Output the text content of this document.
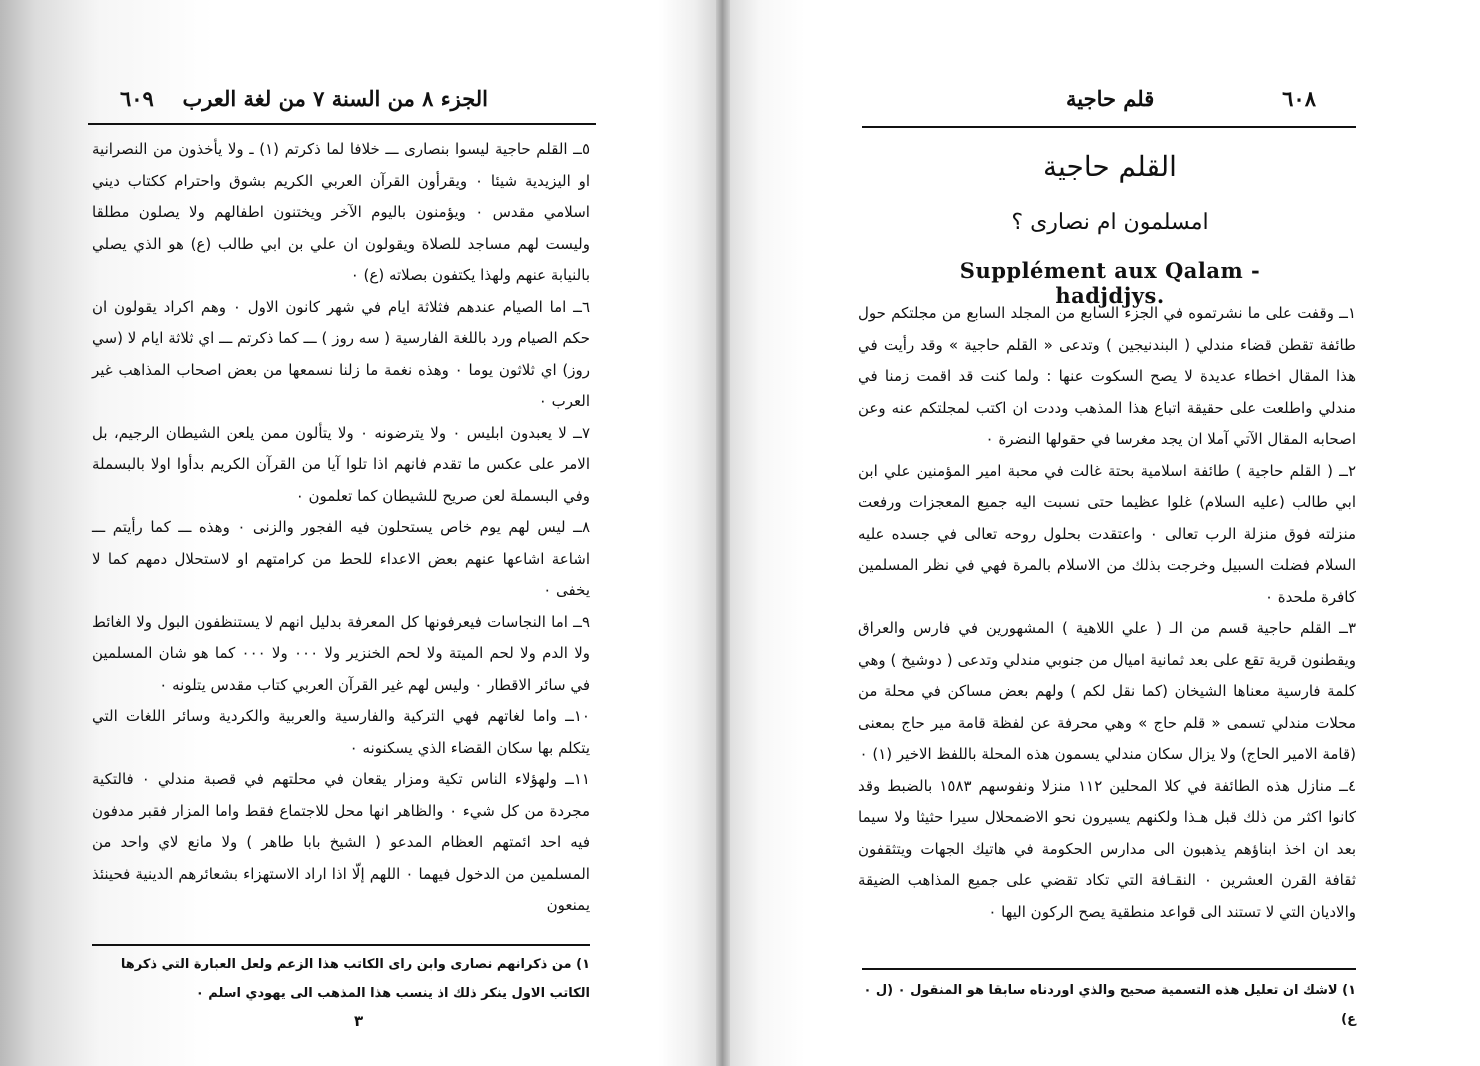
الجزء ٨ من السنة ٧ من لغة العرب
٦٠٩

٥ــ القلم حاجية ليسوا بنصارى ـــ خلافا لما ذكرتم (١) ـ ولا يأخذون من النصرانية او اليزيدية شيئا ٠ ويقرأون القرآن العربي الكريم بشوق واحترام ككتاب ديني اسلامي مقدس ٠ ويؤمنون باليوم الآخر ويختنون اطفالهم ولا يصلون مطلقا وليست لهم مساجد للصلاة ويقولون ان علي بن ابي طالب (ع) هو الذي يصلي بالنيابة عنهم ولهذا يكتفون بصلاته (ع) ٠

٦ــ اما الصيام عندهم فثلاثة ايام في شهر كانون الاول ٠ وهم اكراد يقولون ان حكم الصيام ورد باللغة الفارسية ( سه روز ) ـــ كما ذكرتم ـــ اي ثلاثة ايام لا (سي روز) اي ثلاثون يوما ٠ وهذه نغمة ما زلنا نسمعها من بعض اصحاب المذاهب غير العرب ٠

٧ــ لا يعبدون ابليس ٠ ولا يترضونه ٠ ولا يتألون ممن يلعن الشيطان الرجيم، بل الامر على عكس ما تقدم فانهم اذا تلوا آيا من القرآن الكريم بدأوا اولا بالبسملة وفي البسملة لعن صريح للشيطان كما تعلمون ٠

٨ــ ليس لهم يوم خاص يستحلون فيه الفجور والزنى ٠ وهذه ـــ كما رأيتم ـــ اشاعة اشاعها عنهم بعض الاعداء للحط من كرامتهم او لاستحلال دمهم كما لا يخفى ٠

٩ــ اما النجاسات فيعرفونها كل المعرفة بدليل انهم لا يستنظفون البول ولا الغائط ولا الدم ولا لحم الميتة ولا لحم الخنزير ولا ٠٠٠ ولا ٠٠٠ كما هو شان المسلمين في سائر الاقطار ٠ وليس لهم غير القرآن العربي كتاب مقدس يتلونه ٠

١٠ــ واما لغاتهم فهي التركية والفارسية والعربية والكردية وسائر اللغات التي يتكلم بها سكان القضاء الذي يسكنونه ٠

١١ــ ولهؤلاء الناس تكية ومزار يقعان في محلتهم في قصبة مندلي ٠ فالتكية مجردة من كل شيء ٠ والظاهر انها محل للاجتماع فقط واما المزار فقبر مدفون فيه احد ائمتهم العظام المدعو ( الشيخ بابا طاهر ) ولا مانع لاي واحد من المسلمين من الدخول فيهما ٠ اللهم إلّا اذا اراد الاستهزاء بشعائرهم الدينية فحينئذ يمنعون

١) من ذكرانهم نصارى وابن راى الكاتب هذا الزعم ولعل العبارة التي ذكرها
الكاتب الاول ينكر ذلك اذ ينسب هذا المذهب الى يهودي اسلم ٠
٣
٦٠٨
قلم حاجية
القلم حاجية
امسلمون ام نصارى ؟
Supplément aux Qalam - hadjdjys.

١ــ وقفت على ما نشرتموه في الجزء السابع من المجلد السابع من مجلتكم حول طائفة تقطن قضاء مندلي ( البندنيجين ) وتدعى « القلم حاجية » وقد رأيت في هذا المقال اخطاء عديدة لا يصح السكوت عنها : ولما كنت قد اقمت زمنا في مندلي واطلعت على حقيقة اتباع هذا المذهب وددت ان اكتب لمجلتكم عنه وعن اصحابه المقال الآتي آملا ان يجد مغرسا في حقولها النضرة ٠

٢ــ ( القلم حاجية ) طائفة اسلامية بحتة غالت في محبة امير المؤمنين علي ابن ابي طالب (عليه السلام) غلوا عظيما حتى نسبت اليه جميع المعجزات ورفعت منزلته فوق منزلة الرب تعالى ٠ واعتقدت بحلول روحه تعالى في جسده عليه السلام فضلت السبيل وخرجت بذلك من الاسلام بالمرة فهي في نظر المسلمين كافرة ملحدة ٠

٣ــ القلم حاجية قسم من الـ ( علي اللاهية ) المشهورين في فارس والعراق ويقطنون قرية تقع على بعد ثمانية اميال من جنوبي مندلي وتدعى ( دوشيخ ) وهي كلمة فارسية معناها الشيخان (كما نقل لكم ) ولهم بعض مساكن في محلة من محلات مندلي تسمى « قلم حاج » وهي محرفة عن لفظة قامة مير حاج بمعنى (قامة الامير الحاج) ولا يزال سكان مندلي يسمون هذه المحلة باللفظ الاخير (١) ٠

٤ــ منازل هذه الطائفة في كلا المحلين ١١٢ منزلا ونفوسهم ١٥٨٣ بالضبط وقد كانوا اكثر من ذلك قبل هـذا ولكنهم يسيرون نحو الاضمحلال سيرا حثيثا ولا سيما بعد ان اخذ ابناؤهم يذهبون الى مدارس الحكومة في هاتيك الجهات ويتثقفون ثقافة القرن العشرين ٠ النقـافة التي تكاد تقضي على جميع المذاهب الضيقة والاديان التي لا تستند الى قواعد منطقية يصح الركون اليها ٠

١) لاشك ان تعليل هذه التسمية صحيح والذي اوردناه سابقا هو المنقول ٠ (ل ٠ ع)
